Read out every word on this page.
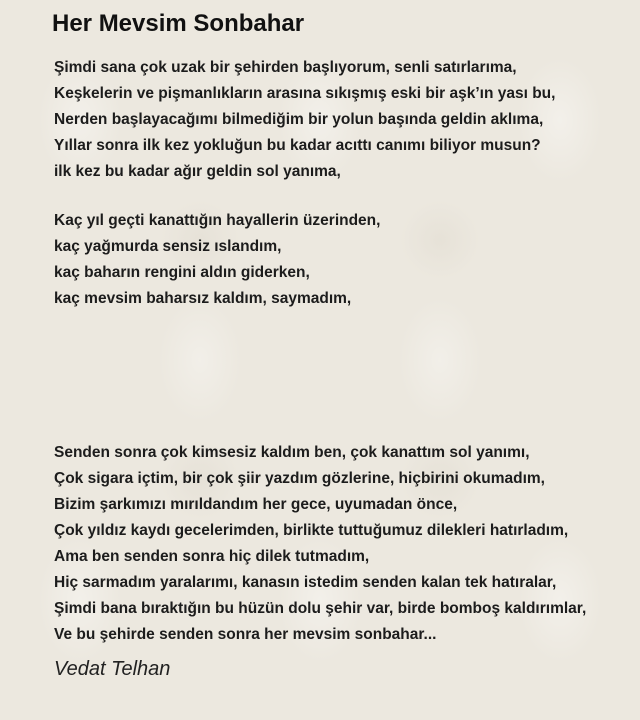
Her Mevsim Sonbahar
Şimdi sana çok uzak bir şehirden başlıyorum, senli satırlarıma,
Keşkelerin ve pişmanlıkların arasına sıkışmış eski bir aşk’ın yası bu,
Nerden başlayacağımı bilmediğim bir yolun başında geldin aklıma,
Yıllar sonra ilk kez yokluğun bu kadar acıttı canımı biliyor musun?
ilk kez bu kadar ağır geldin sol yanıma,
Kaç yıl geçti kanattığın hayallerin üzerinden,
kaç yağmurda sensiz ıslandım,
kaç baharın rengini aldın giderken,
kaç mevsim baharsız kaldım, saymadım,
Senden sonra çok kimsesiz kaldım ben, çok kanattım sol yanımı,
Çok sigara içtim, bir çok şiir yazdım gözlerine, hiçbirini okumadım,
Bizim şarkımızı mırıldandım her gece, uyumadan önce,
Çok yıldız kaydı gecelerimden, birlikte tuttuğumuz dilekleri hatırladım,
Ama ben senden sonra hiç dilek tutmadım,
Hiç sarmadım yaralarımı, kanasın istedim senden kalan tek hatıralar,
Şimdi bana bıraktığın bu hüzün dolu şehir var, birde bomboş kaldırımlar,
Ve bu şehirde senden sonra her mevsim sonbahar...

Vedat Telhan
